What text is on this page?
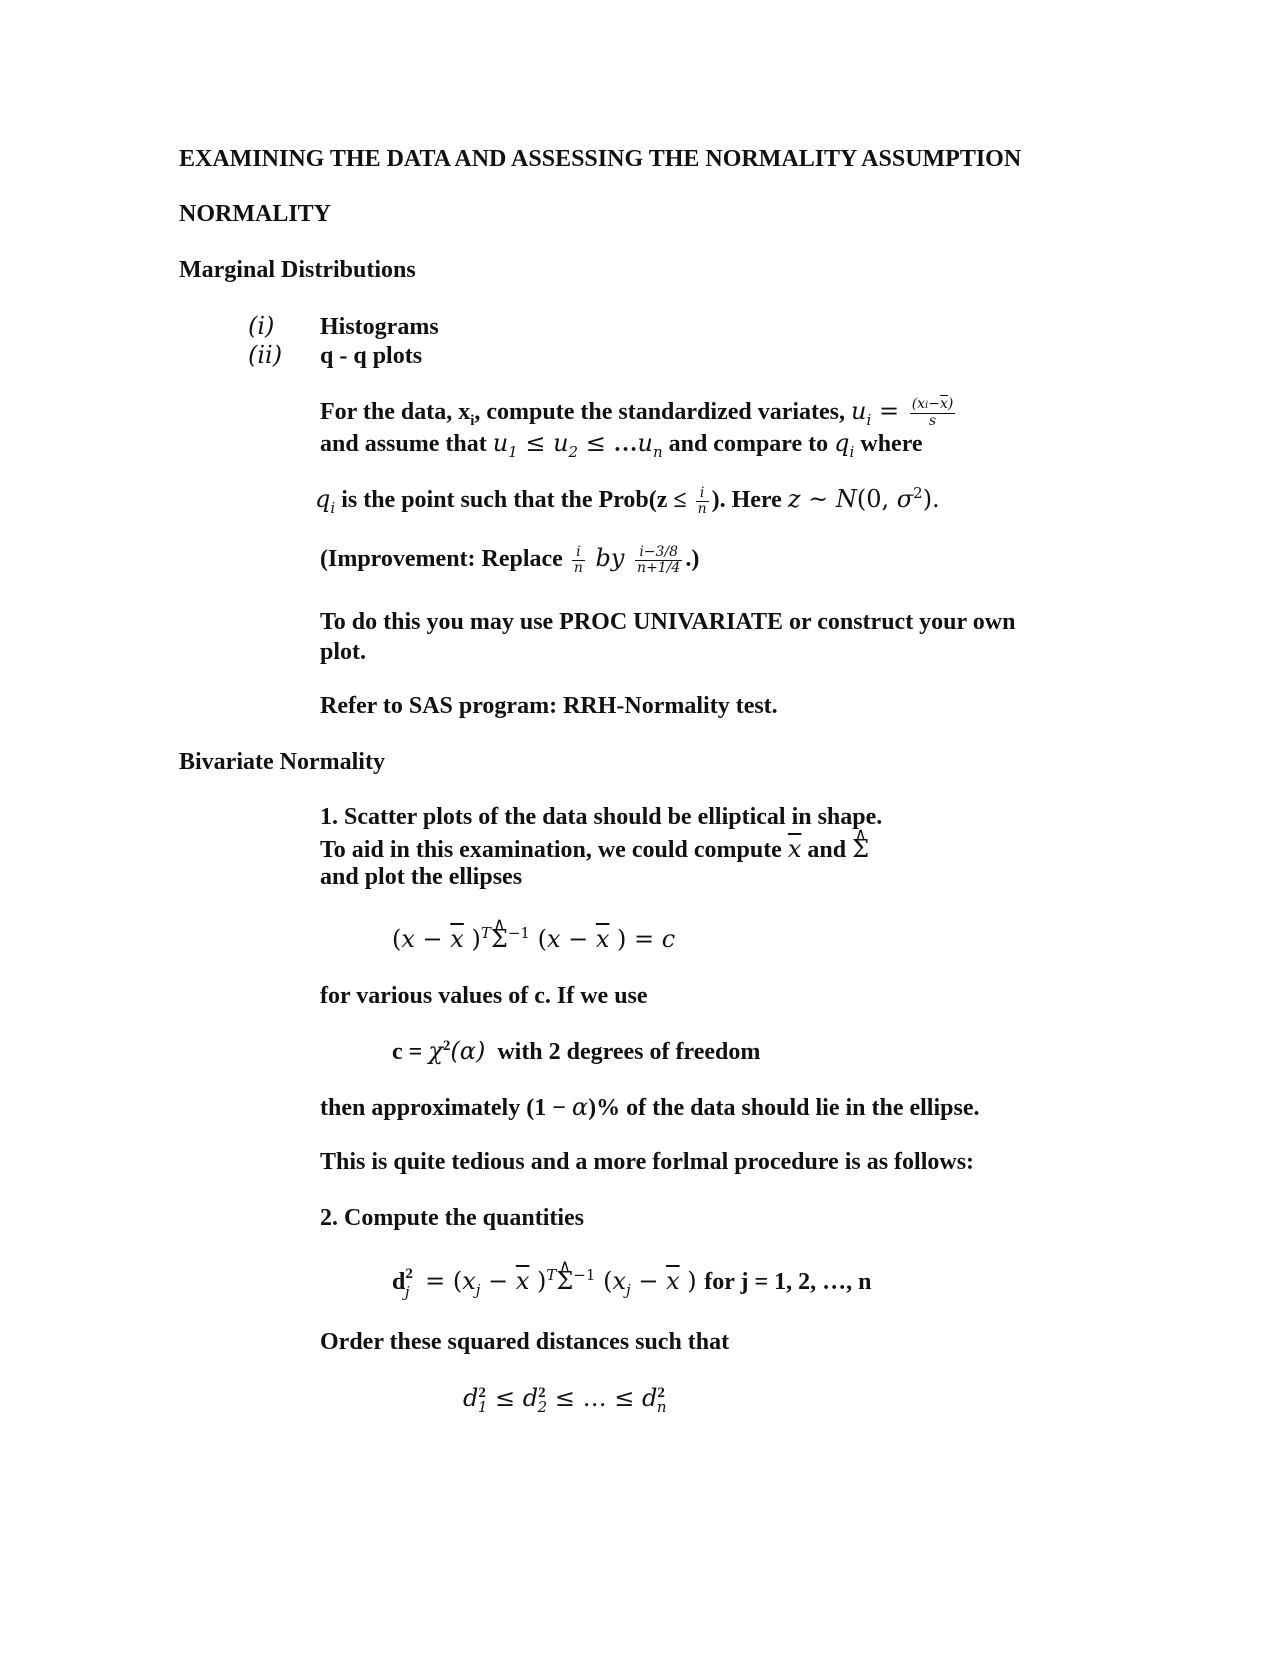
EXAMINING THE DATA AND ASSESSING THE NORMALITY ASSUMPTION
NORMALITY
Marginal Distributions
(i) Histograms
(ii) q - q plots
For the data, $x_i$, compute the standardized variates, $u_i = \frac{(xi-\overline{x})}{s}$
and assume that $u_1 \le u_2$ ≤ $\dots u_n$ and compare to $q_i$ where
$q_i$ is the point such that the Prob(z ≤ $\frac{i}{n}$ ). Here z ~ N(0, $\sigma^2$).
(Improvement: Replace $\frac{i}{n}$ by $\frac{i-3/8}{n+1/4}$ .)
To do this you may use PROC UNIVARIATE or construct your own plot.
Refer to SAS program: RRH-Normality test.
Bivariate Normality
1. Scatter plots of the data should be elliptical in shape.
To aid in this examination, we could compute $\overline{x}$ and ∧ Σ
and plot the ellipses
($x - \overline{x}$ )$^T$∧ $\Sigma^{-1}$ ($x - \overline{x}$ ) = c
for various values of c. If we use
$c = \chi^2(\alpha)$ with 2 degrees of freedom
then approximately (1 − α)% of the data should lie in the ellipse.
This is quite tedious and a more forlmal procedure is as follows:
2. Compute the quantities
$d^2_j = (x_j - \overline{x}$ )$^T$∧ $\Sigma^{-1}$ ($x_j - \overline{x}$ ) for j = 1, 2, …, n
Order these squared distances such that
$d^2_1 \le d^2_2$ ≤ … ≤ $d^2_n$
